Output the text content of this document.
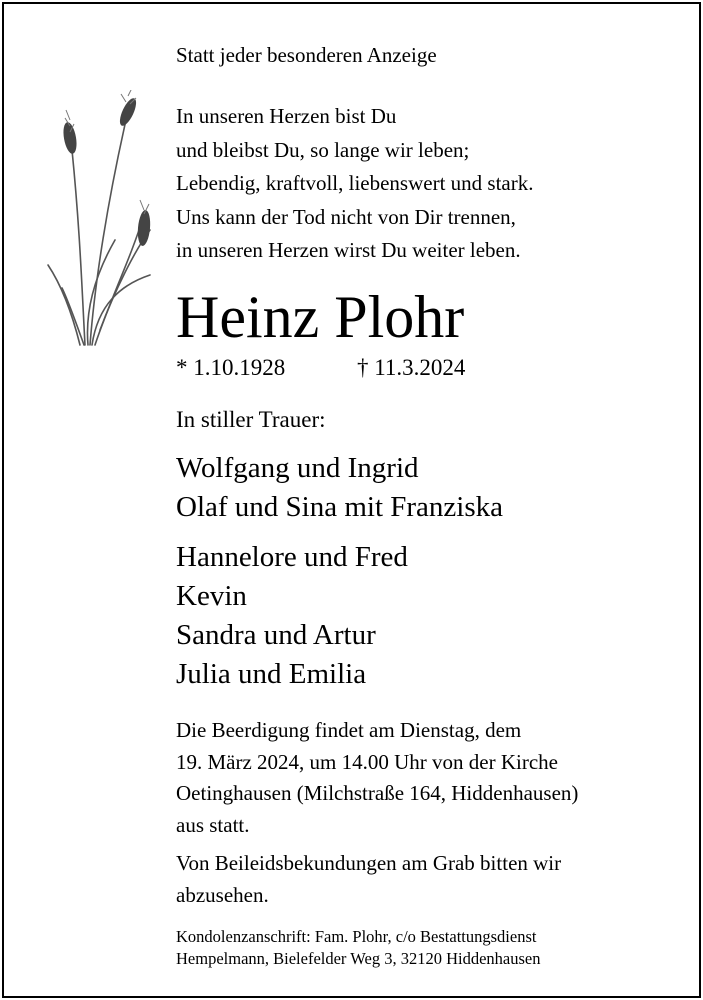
Statt jeder besonderen Anzeige

In unseren Herzen bist Du
und bleibst Du, so lange wir leben;
Lebendig, kraftvoll, liebenswert und stark.
Uns kann der Tod nicht von Dir trennen,
in unseren Herzen wirst Du weiter leben.
Heinz Plohr
* 1.10.1928	† 11.3.2024

In stiller Trauer:

Wolfgang und Ingrid
Olaf und Sina mit Franziska
Hannelore und Fred
Kevin
Sandra und Artur
Julia und Emilia
Die Beerdigung findet am Dienstag, dem
19. März 2024, um 14.00 Uhr von der Kirche
Oetinghausen (Milchstraße 164, Hiddenhausen)
aus statt.
Von Beileidsbekundungen am Grab bitten wir
abzusehen.
Kondolenzanschrift: Fam. Plohr, c/o Bestattungsdienst
Hempelmann, Bielefelder Weg 3, 32120 Hiddenhausen
